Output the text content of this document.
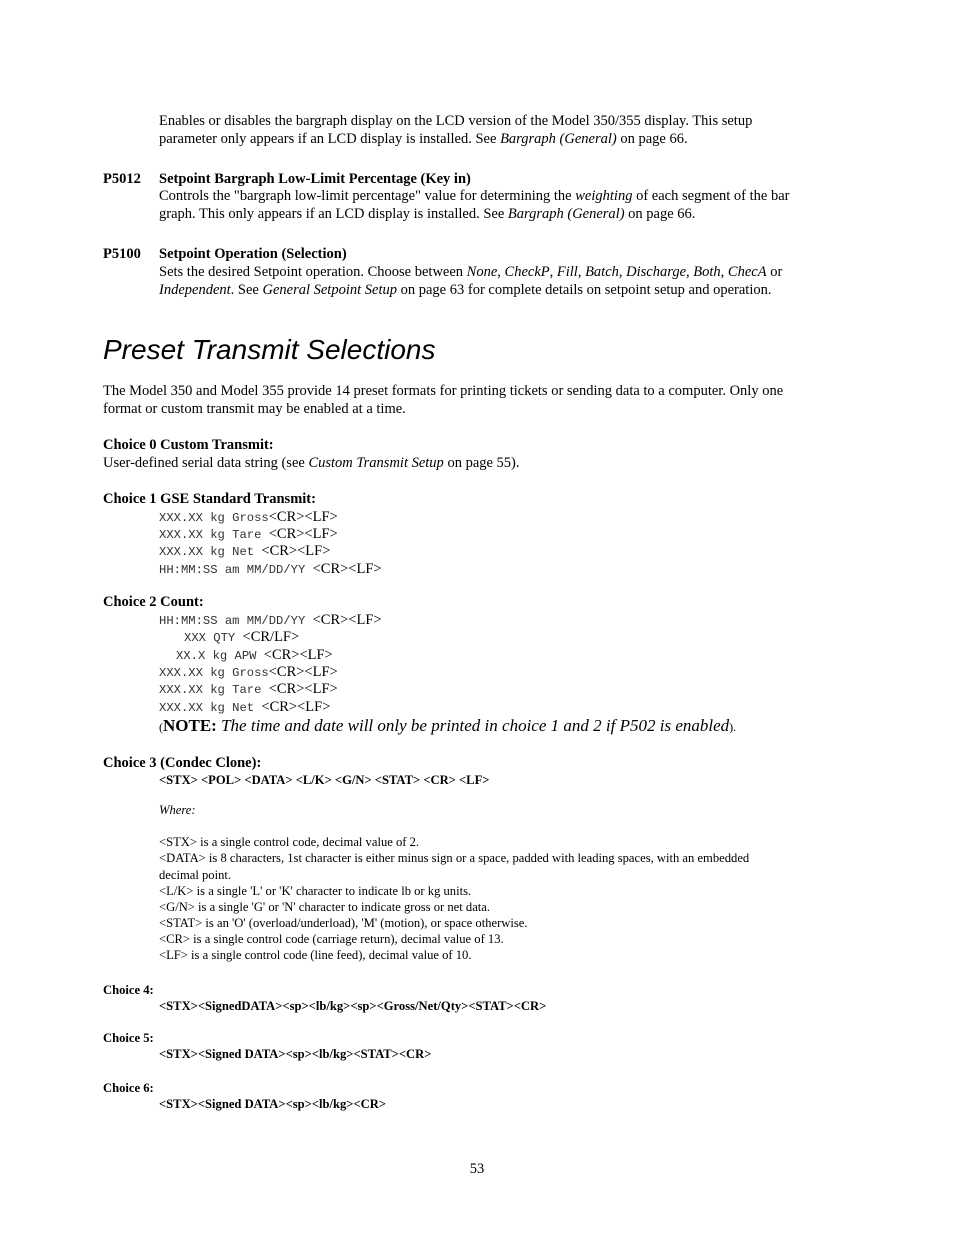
Enables or disables the bargraph display on the LCD version of the Model 350/355 display. This setup
parameter only appears if an LCD display is installed. See Bargraph (General) on page 66.
P5012 Setpoint Bargraph Low-Limit Percentage (Key in)
Controls the "bargraph low-limit percentage" value for determining the weighting of each segment of the bar
graph. This only appears if an LCD display is installed. See Bargraph (General) on page 66.
P5100 Setpoint Operation (Selection)
Sets the desired Setpoint operation. Choose between None, CheckP, Fill, Batch, Discharge, Both, ChecA or
Independent. See General Setpoint Setup on page 63 for complete details on setpoint setup and operation.
Preset Transmit Selections
The Model 350 and Model 355 provide 14 preset formats for printing tickets or sending data to a computer. Only one
format or custom transmit may be enabled at a time.
Choice 0 Custom Transmit:
User-defined serial data string (see Custom Transmit Setup on page 55).
Choice 1 GSE Standard Transmit:
XXX.XX kg Gross<CR><LF>
XXX.XX kg Tare <CR><LF>
XXX.XX kg Net <CR><LF>
HH:MM:SS am MM/DD/YY <CR><LF>
Choice 2 Count:
HH:MM:SS am MM/DD/YY <CR><LF>
XXX QTY <CR/LF>
XX.X kg APW <CR><LF>
XXX.XX kg Gross<CR><LF>
XXX.XX kg Tare <CR><LF>
XXX.XX kg Net <CR><LF>
(NOTE: The time and date will only be printed in choice 1 and 2 if P502 is enabled).
Choice 3 (Condec Clone):
<STX> <POL> <DATA> <L/K> <G/N> <STAT> <CR> <LF>
Where:
<STX> is a single control code, decimal value of 2.
<DATA> is 8 characters, 1st character is either minus sign or a space, padded with leading spaces, with an embedded
decimal point.
<L/K> is a single 'L' or 'K' character to indicate lb or kg units.
<G/N> is a single 'G' or 'N' character to indicate gross or net data.
<STAT> is an 'O' (overload/underload), 'M' (motion), or space otherwise.
<CR> is a single control code (carriage return), decimal value of 13.
<LF> is a single control code (line feed), decimal value of 10.
Choice 4:
<STX><SignedDATA><sp><lb/kg><sp><Gross/Net/Qty><STAT><CR>
Choice 5:
<STX><Signed DATA><sp><lb/kg><STAT><CR>
Choice 6:
<STX><Signed DATA><sp><lb/kg><CR>
53
